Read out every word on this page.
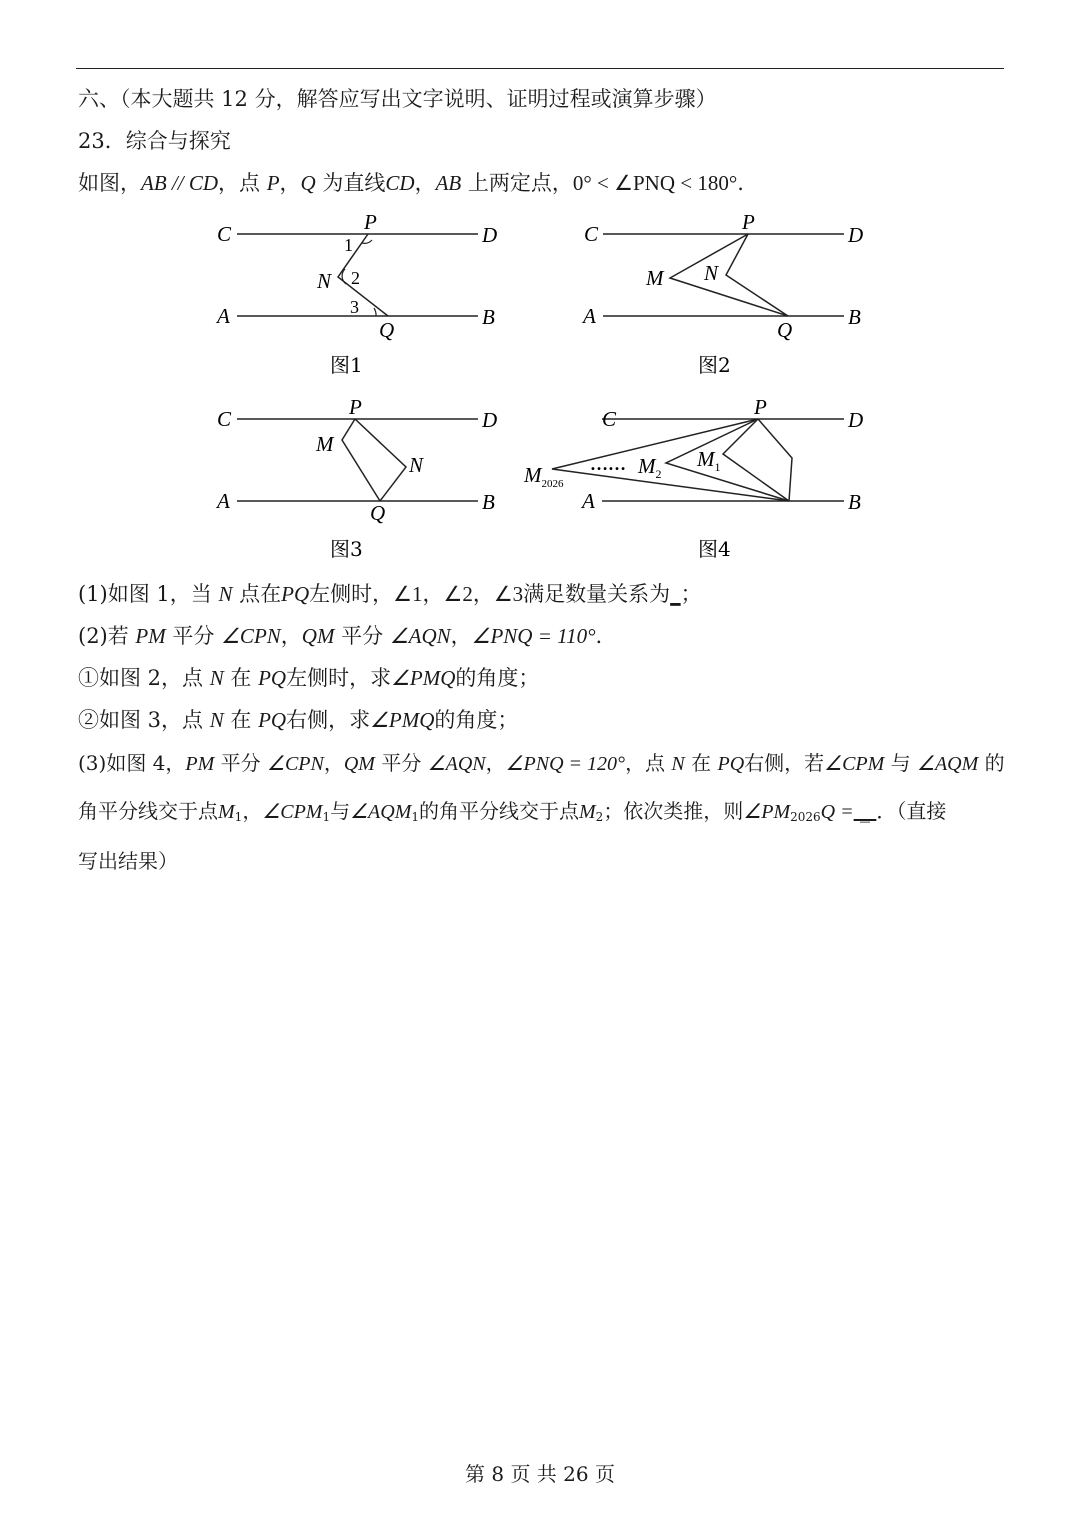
六、（本大题共 12 分，解答应写出文字说明、证明过程或演算步骤）
23．综合与探究
如图，AB // CD，点 P，Q 为直线CD，AB 上两定点，0° < ∠PNQ < 180°.
C	D
A	B
P
Q
N
1
2
3
图1
C	D
A	B
P
Q
M N
图2
C	D
A	B
P
Q
M
N
图3
C	D
A	B
P
$M_{2026}$
…… $M_2$
$M_1$
图4
(1)如图 1，当 N 点在PQ左侧时，∠1，∠2，∠3满足数量关系为_；
(2)若 PM 平分 ∠CPN，QM 平分 ∠AQN，∠PNQ = 110°.
①如图 2，点 N 在 PQ左侧时，求∠PMQ的角度；
②如图 3，点 N 在 PQ右侧，求∠PMQ的角度；
(3)如图 4，PM 平分 ∠CPN，QM 平分 ∠AQN，∠PNQ = 120°，点 N 在 PQ右侧，若∠CPM 与 ∠AQM 的
角平分线交于点$M_1$，$\angle CPM_1$与$\angle AQM_1$的角平分线交于点$M_2$；依次类推，则$\angle PM_{2026}Q$ = _ ．（直接
写出结果）
第 8 页 共 26 页
